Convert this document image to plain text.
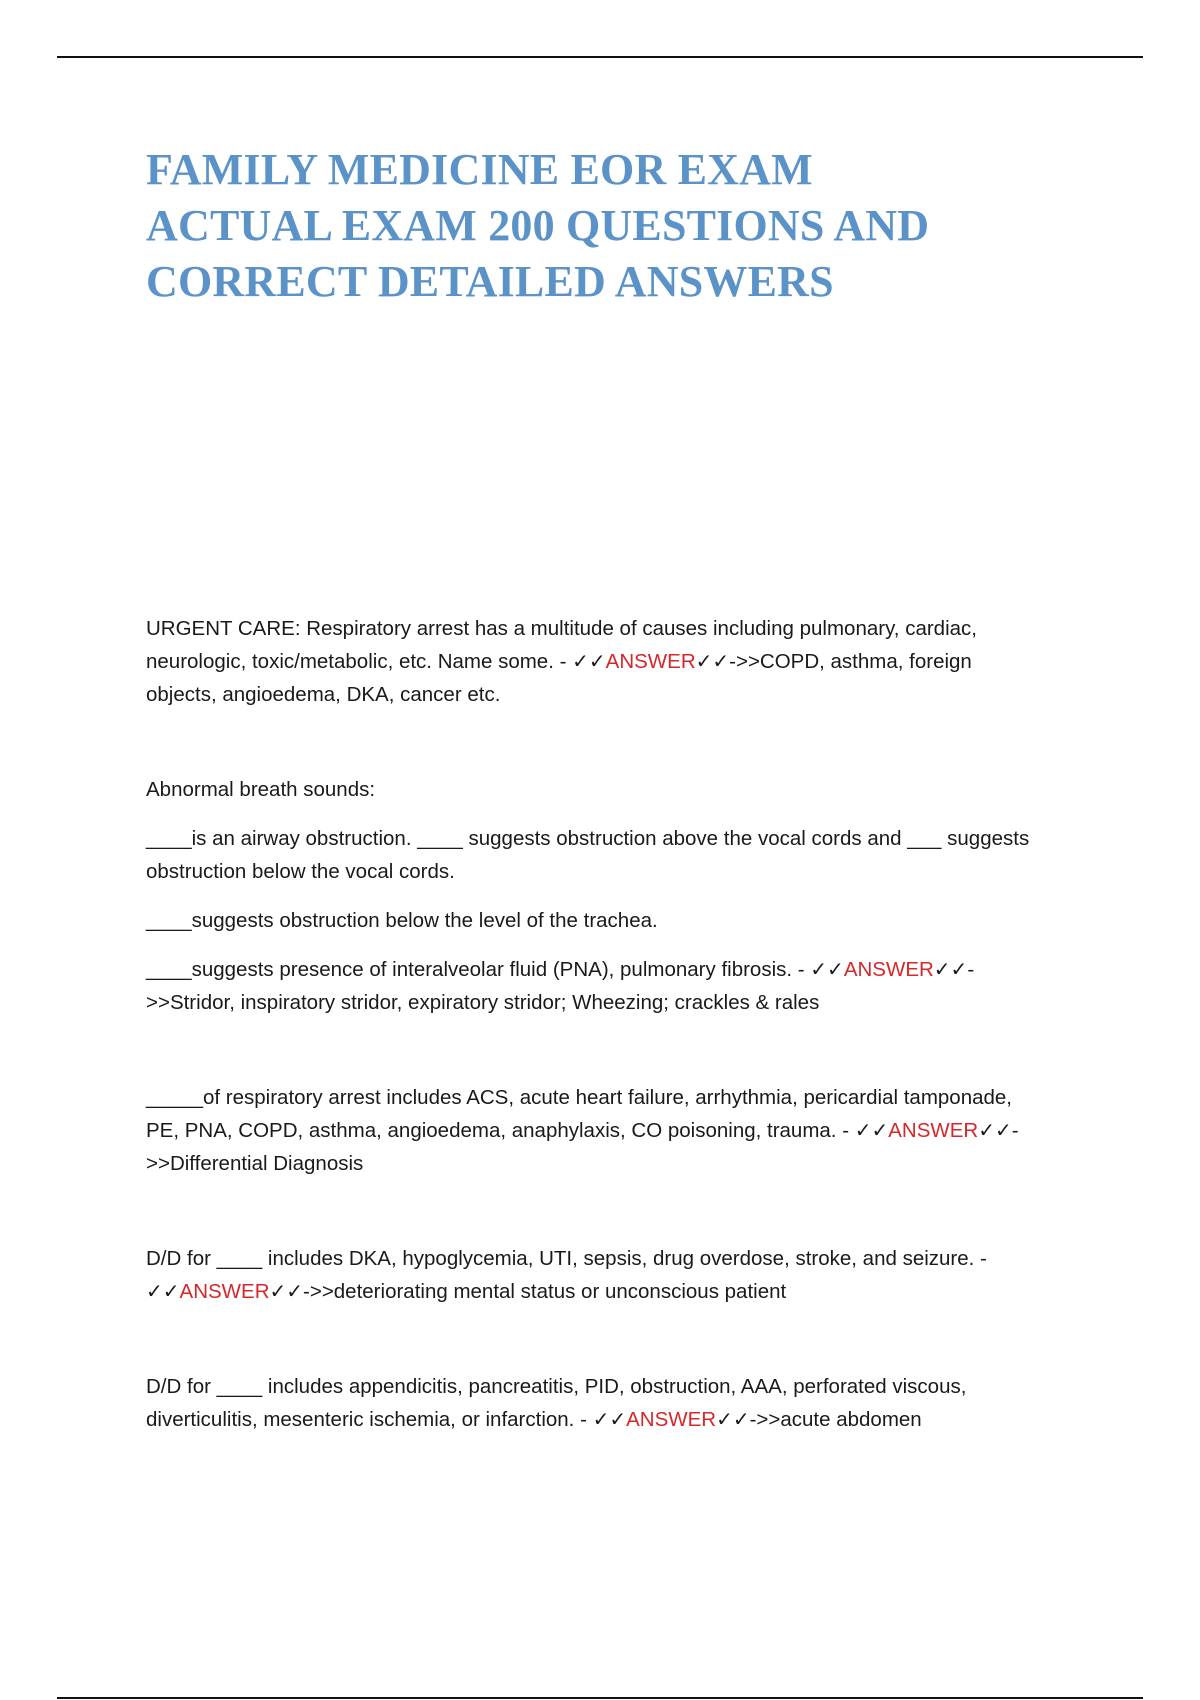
FAMILY MEDICINE EOR EXAM
ACTUAL EXAM 200 QUESTIONS AND
CORRECT DETAILED ANSWERS

URGENT CARE: Respiratory arrest has a multitude of causes including pulmonary, cardiac, neurologic, toxic/metabolic, etc. Name some. - ✓✓ANSWER✓✓->>COPD, asthma, foreign objects, angioedema, DKA, cancer etc.

Abnormal breath sounds:

____is an airway obstruction. ____ suggests obstruction above the vocal cords and ___ suggests obstruction below the vocal cords.

____suggests obstruction below the level of the trachea.

____suggests presence of interalveolar fluid (PNA), pulmonary fibrosis. - ✓✓ANSWER✓✓->>Stridor, inspiratory stridor, expiratory stridor; Wheezing; crackles & rales

_____of respiratory arrest includes ACS, acute heart failure, arrhythmia, pericardial tamponade, PE, PNA, COPD, asthma, angioedema, anaphylaxis, CO poisoning, trauma. - ✓✓ANSWER✓✓->>Differential Diagnosis

D/D for ____ includes DKA, hypoglycemia, UTI, sepsis, drug overdose, stroke, and seizure. - ✓✓ANSWER✓✓->>deteriorating mental status or unconscious patient

D/D for ____ includes appendicitis, pancreatitis, PID, obstruction, AAA, perforated viscous, diverticulitis, mesenteric ischemia, or infarction. - ✓✓ANSWER✓✓->>acute abdomen
